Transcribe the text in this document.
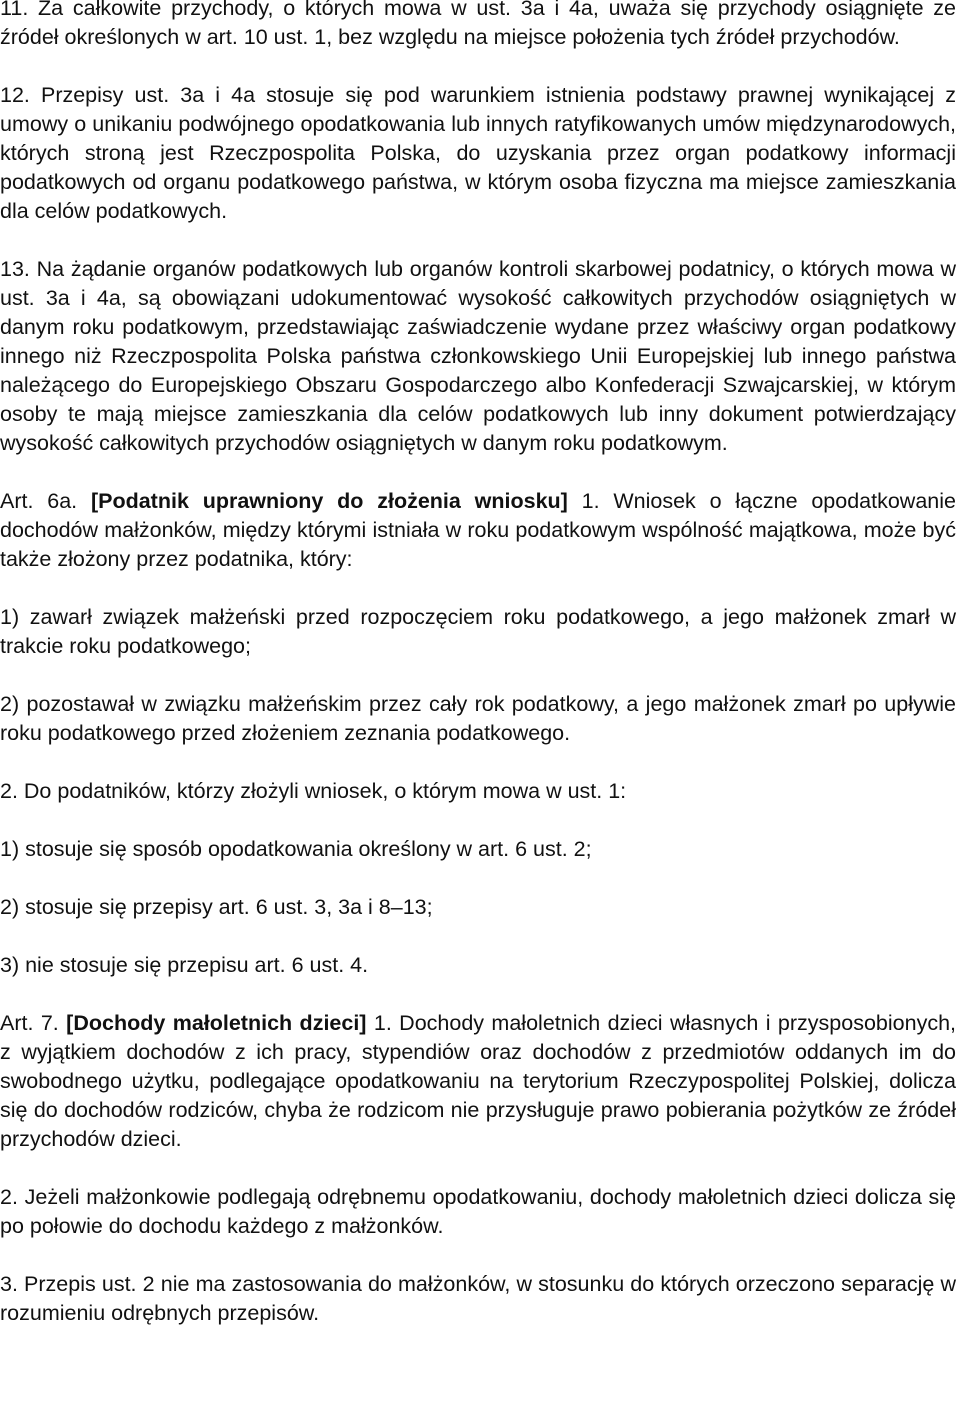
11. Za całkowite przychody, o których mowa w ust. 3a i 4a, uważa się przychody osiągnięte ze źródeł określonych w art. 10 ust. 1, bez względu na miejsce położenia tych źródeł przychodów.

12. Przepisy ust. 3a i 4a stosuje się pod warunkiem istnienia podstawy prawnej wynikającej z umowy o unikaniu podwójnego opodatkowania lub innych ratyfikowanych umów międzynarodowych, których stroną jest Rzeczpospolita Polska, do uzyskania przez organ podatkowy informacji podatkowych od organu podatkowego państwa, w którym osoba fizyczna ma miejsce zamieszkania dla celów podatkowych.

13. Na żądanie organów podatkowych lub organów kontroli skarbowej podatnicy, o których mowa w ust. 3a i 4a, są obowiązani udokumentować wysokość całkowitych przychodów osiągniętych w danym roku podatkowym, przedstawiając zaświadczenie wydane przez właściwy organ podatkowy innego niż Rzeczpospolita Polska państwa członkowskiego Unii Europejskiej lub innego państwa należącego do Europejskiego Obszaru Gospodarczego albo Konfederacji Szwajcarskiej, w którym osoby te mają miejsce zamieszkania dla celów podatkowych lub inny dokument potwierdzający wysokość całkowitych przychodów osiągniętych w danym roku podatkowym.

Art. 6a. [Podatnik uprawniony do złożenia wniosku] 1. Wniosek o łączne opodatkowanie dochodów małżonków, między którymi istniała w roku podatkowym wspólność majątkowa, może być także złożony przez podatnika, który:

1) zawarł związek małżeński przed rozpoczęciem roku podatkowego, a jego małżonek zmarł w trakcie roku podatkowego;

2) pozostawał w związku małżeńskim przez cały rok podatkowy, a jego małżonek zmarł po upływie roku podatkowego przed złożeniem zeznania podatkowego.

2. Do podatników, którzy złożyli wniosek, o którym mowa w ust. 1:

1) stosuje się sposób opodatkowania określony w art. 6 ust. 2;

2) stosuje się przepisy art. 6 ust. 3, 3a i 8–13;

3) nie stosuje się przepisu art. 6 ust. 4.

Art. 7. [Dochody małoletnich dzieci] 1. Dochody małoletnich dzieci własnych i przysposobionych, z wyjątkiem dochodów z ich pracy, stypendiów oraz dochodów z przedmiotów oddanych im do swobodnego użytku, podlegające opodatkowaniu na terytorium Rzeczypospolitej Polskiej, dolicza się do dochodów rodziców, chyba że rodzicom nie przysługuje prawo pobierania pożytków ze źródeł przychodów dzieci.

2. Jeżeli małżonkowie podlegają odrębnemu opodatkowaniu, dochody małoletnich dzieci dolicza się po połowie do dochodu każdego z małżonków.

3. Przepis ust. 2 nie ma zastosowania do małżonków, w stosunku do których orzeczono separację w rozumieniu odrębnych przepisów.
